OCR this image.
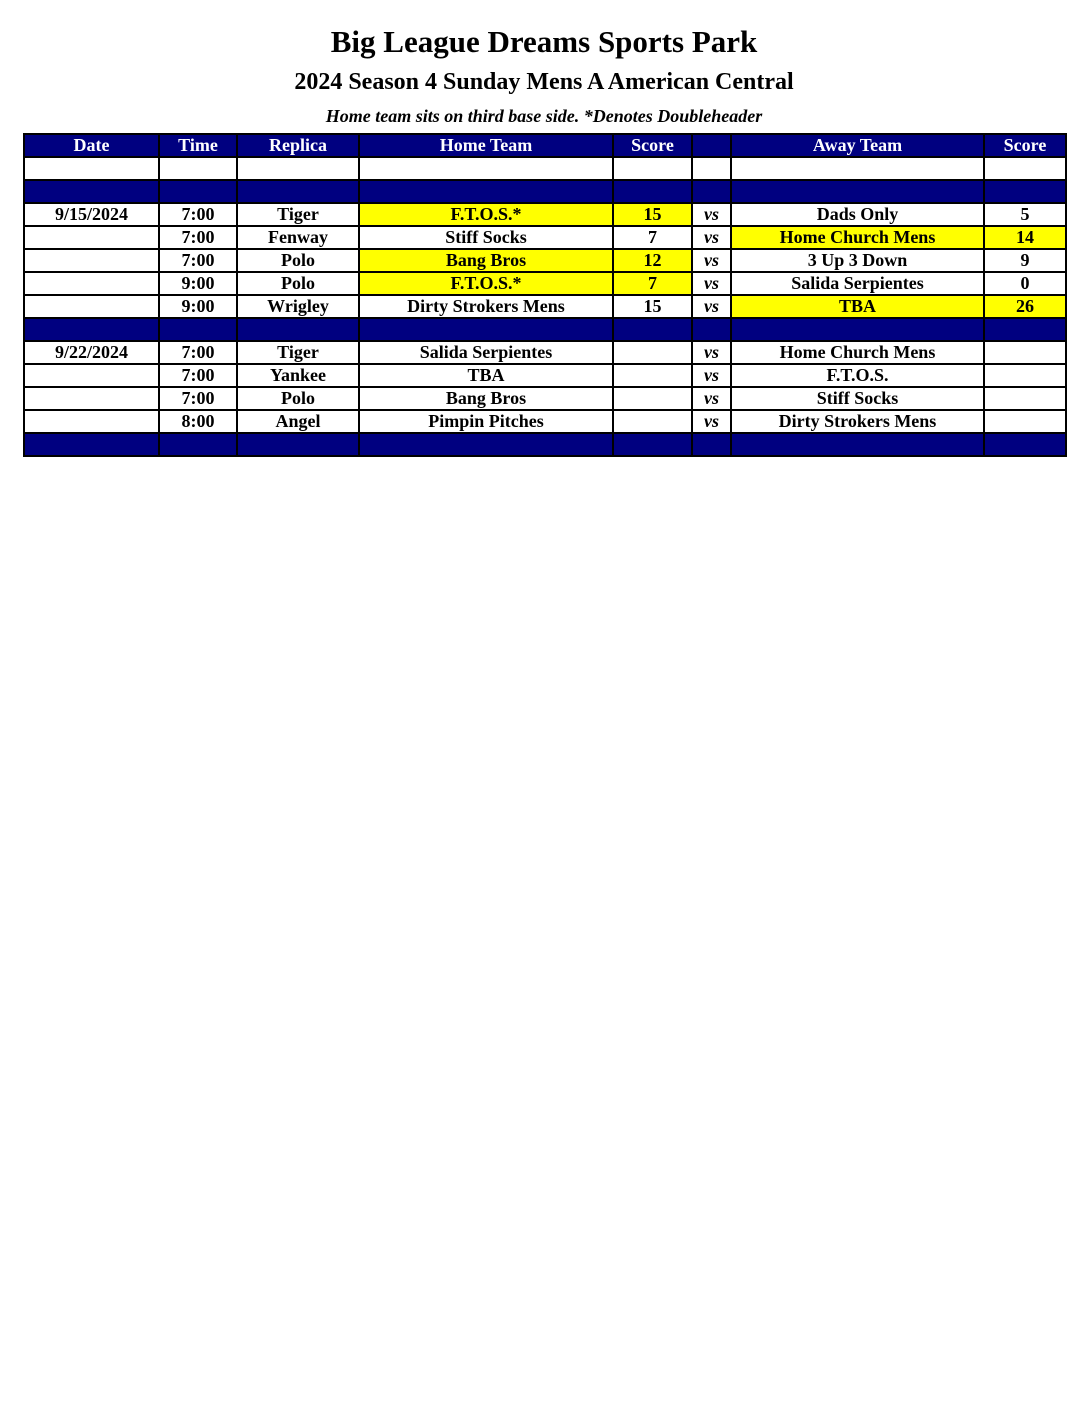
Big League Dreams Sports Park
2024 Season 4 Sunday Mens A American Central
Home team sits on third base side. *Denotes Doubleheader
Date	Time	Replica	Home Team	Score		Away Team	Score

9/15/2024	7:00	Tiger	F.T.O.S.*	15	vs	Dads Only	5
	7:00	Fenway	Stiff Socks	7	vs	Home Church Mens	14
	7:00	Polo	Bang Bros	12	vs	3 Up 3 Down	9
	9:00	Polo	F.T.O.S.*	7	vs	Salida Serpientes	0
	9:00	Wrigley	Dirty Strokers Mens	15	vs	TBA	26

9/22/2024	7:00	Tiger	Salida Serpientes		vs	Home Church Mens	
	7:00	Yankee	TBA		vs	F.T.O.S.	
	7:00	Polo	Bang Bros		vs	Stiff Socks	
	8:00	Angel	Pimpin Pitches		vs	Dirty Strokers Mens	
